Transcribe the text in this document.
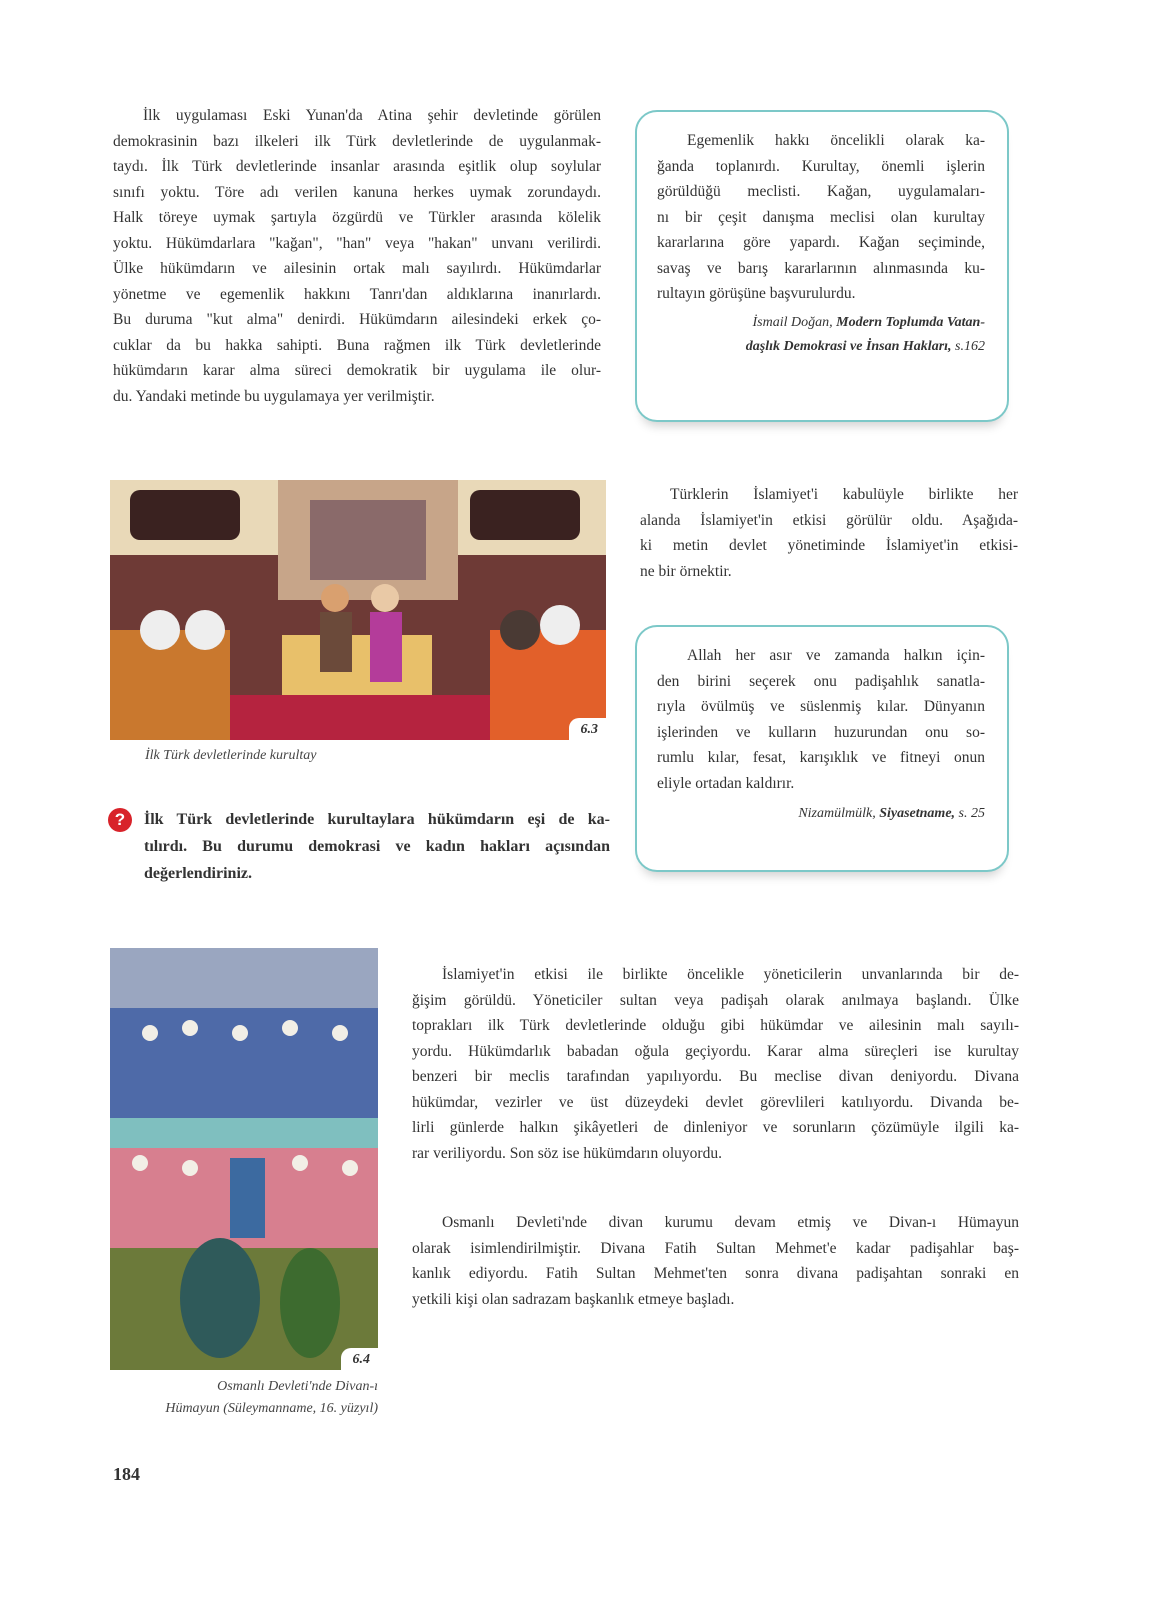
İlk uygulaması Eski Yunan'da Atina şehir devletinde görülen
demokrasinin bazı ilkeleri ilk Türk devletlerinde de uygulanmak-
taydı. İlk Türk devletlerinde insanlar arasında eşitlik olup soylular
sınıfı yoktu. Töre adı verilen kanuna herkes uymak zorundaydı.
Halk töreye uymak şartıyla özgürdü ve Türkler arasında kölelik
yoktu. Hükümdarlara "kağan", "han" veya "hakan" unvanı verilirdi.
Ülke hükümdarın ve ailesinin ortak malı sayılırdı. Hükümdarlar
yönetme ve egemenlik hakkını Tanrı'dan aldıklarına inanırlardı.
Bu duruma "kut alma" denirdi. Hükümdarın ailesindeki erkek ço-
cuklar da bu hakka sahipti. Buna rağmen ilk Türk devletlerinde
hükümdarın karar alma süreci demokratik bir uygulama ile olur-
du. Yandaki metinde bu uygulamaya yer verilmiştir.
Egemenlik hakkı öncelikli olarak ka-
ğanda toplanırdı. Kurultay, önemli işlerin
görüldüğü meclisti. Kağan, uygulamaları-
nı bir çeşit danışma meclisi olan kurultay
kararlarına göre yapardı. Kağan seçiminde,
savaş ve barış kararlarının alınmasında ku-
rultayın görüşüne başvurulurdu.
İsmail Doğan, Modern Toplumda Vatan-
daşlık Demokrasi ve İnsan Hakları, s.162
6.3
İlk Türk devletlerinde kurultay
Türklerin İslamiyet'i kabulüyle birlikte her
alanda İslamiyet'in etkisi görülür oldu. Aşağıda-
ki metin devlet yönetiminde İslamiyet'in etkisi-
ne bir örnektir.
Allah her asır ve zamanda halkın için-
den birini seçerek onu padişahlık sanatla-
rıyla övülmüş ve süslenmiş kılar. Dünyanın
işlerinden ve kulların huzurundan onu so-
rumlu kılar, fesat, karışıklık ve fitneyi onun
eliyle ortadan kaldırır.
Nizamülmülk, Siyasetname, s. 25
?	İlk Türk devletlerinde kurultaylara hükümdarın eşi de ka-
tılırdı. Bu durumu demokrasi ve kadın hakları açısından
değerlendiriniz.
6.4
Osmanlı Devleti'nde Divan-ı
Hümayun (Süleymanname, 16. yüzyıl)
İslamiyet'in etkisi ile birlikte öncelikle yöneticilerin unvanlarında bir de-
ğişim görüldü. Yöneticiler sultan veya padişah olarak anılmaya başlandı. Ülke
toprakları ilk Türk devletlerinde olduğu gibi hükümdar ve ailesinin malı sayılı-
yordu. Hükümdarlık babadan oğula geçiyordu. Karar alma süreçleri ise kurultay
benzeri bir meclis tarafından yapılıyordu. Bu meclise divan deniyordu. Divana
hükümdar, vezirler ve üst düzeydeki devlet görevlileri katılıyordu. Divanda be-
lirli günlerde halkın şikâyetleri de dinleniyor ve sorunların çözümüyle ilgili ka-
rar veriliyordu. Son söz ise hükümdarın oluyordu.
Osmanlı Devleti'nde divan kurumu devam etmiş ve Divan-ı Hümayun
olarak isimlendirilmiştir. Divana Fatih Sultan Mehmet'e kadar padişahlar baş-
kanlık ediyordu. Fatih Sultan Mehmet'ten sonra divana padişahtan sonraki en
yetkili kişi olan sadrazam başkanlık etmeye başladı.
184
